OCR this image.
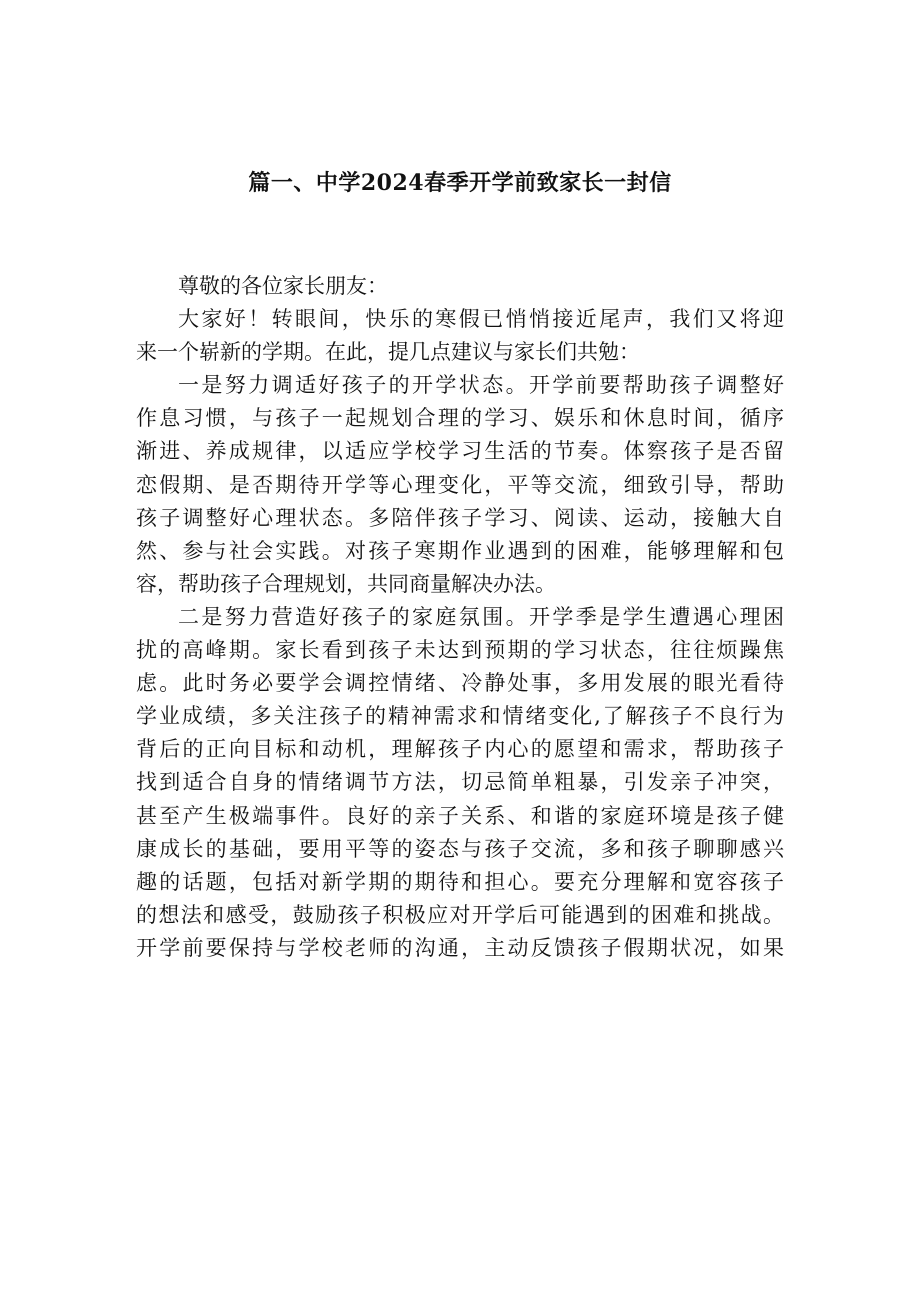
篇一、中学2024春季开学前致家长一封信
尊敬的各位家长朋友：
大家好！转眼间，快乐的寒假已悄悄接近尾声，我们又将迎
来一个崭新的学期。在此，提几点建议与家长们共勉：
一是努力调适好孩子的开学状态。开学前要帮助孩子调整好
作息习惯，与孩子一起规划合理的学习、娱乐和休息时间，循序
渐进、养成规律，以适应学校学习生活的节奏。体察孩子是否留
恋假期、是否期待开学等心理变化，平等交流，细致引导，帮助
孩子调整好心理状态。多陪伴孩子学习、阅读、运动，接触大自
然、参与社会实践。对孩子寒期作业遇到的困难，能够理解和包
容，帮助孩子合理规划，共同商量解决办法。
二是努力营造好孩子的家庭氛围。开学季是学生遭遇心理困
扰的高峰期。家长看到孩子未达到预期的学习状态，往往烦躁焦
虑。此时务必要学会调控情绪、冷静处事，多用发展的眼光看待
学业成绩，多关注孩子的精神需求和情绪变化,了解孩子不良行为
背后的正向目标和动机，理解孩子内心的愿望和需求，帮助孩子
找到适合自身的情绪调节方法，切忌简单粗暴，引发亲子冲突，
甚至产生极端事件。良好的亲子关系、和谐的家庭环境是孩子健
康成长的基础，要用平等的姿态与孩子交流，多和孩子聊聊感兴
趣的话题，包括对新学期的期待和担心。要充分理解和宽容孩子
的想法和感受，鼓励孩子积极应对开学后可能遇到的困难和挑战。
开学前要保持与学校老师的沟通，主动反馈孩子假期状况，如果
